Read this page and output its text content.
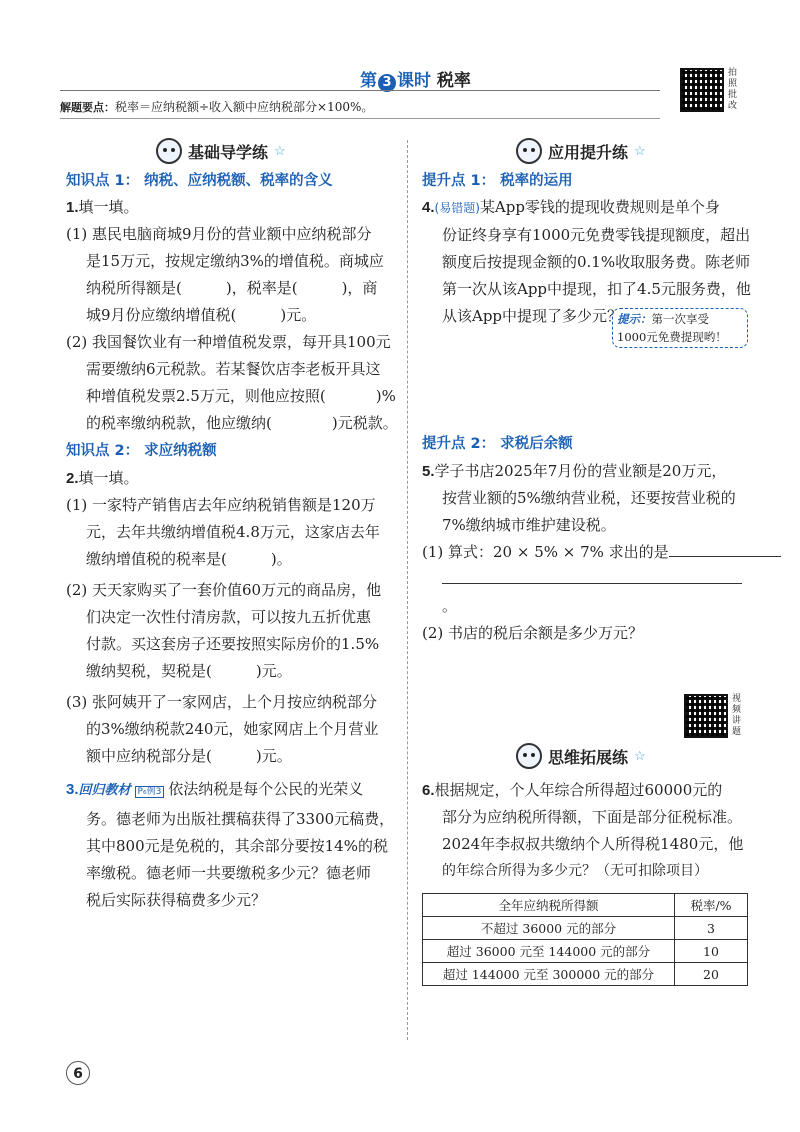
第 3 课时 税率
解题要点：税率＝应纳税额÷收入额中应纳税部分×100%。
拍照批改
基础导学练 ☆
知识点 1： 纳税、应纳税额、税率的含义

1.填一填。

(1) 惠民电脑商城9月份的营业额中应纳税部分

是15万元，按规定缴纳3%的增值税。商城应

纳税所得额是(	)，税率是(	)，商

城9月份应缴纳增值税(	)元。

(2) 我国餐饮业有一种增值税发票，每开具100元

需要缴纳6元税款。若某餐饮店李老板开具这

种增值税发票2.5万元，则他应按照(	)%

的税率缴纳税款，他应缴纳(	)元税款。

知识点 2： 求应纳税额

2.填一填。

(1) 一家特产销售店去年应纳税销售额是120万

元，去年共缴纳增值税4.8万元，这家店去年

缴纳增值税的税率是(	)。

(2) 天天家购买了一套价值60万元的商品房，他

们决定一次性付清房款，可以按九五折优惠

付款。买这套房子还要按照实际房价的1.5%

缴纳契税，契税是(	)元。

(3) 张阿姨开了一家网店，上个月按应纳税部分

的3%缴纳税款240元，她家网店上个月营业

额中应纳税部分是(	)元。

3.回归教材 P₆例3 依法纳税是每个公民的光荣义

务。德老师为出版社撰稿获得了3300元稿费，

其中800元是免税的，其余部分要按14%的税

率缴税。德老师一共要缴税多少元？德老师

税后实际获得稿费多少元？

应用提升练 ☆
提升点 1： 税率的运用

4.(易错题)某App零钱的提现收费规则是单个身

份证终身享有1000元免费零钱提现额度，超出

额度后按提现金额的0.1%收取服务费。陈老师

第一次从该App中提现，扣了4.5元服务费，他

从该App中提现了多少元？

提示：第一次享受
1000元免费提现哟！
提升点 2： 求税后余额

5.学子书店2025年7月份的营业额是20万元，

按营业额的5%缴纳营业税，还要按营业税的

7%缴纳城市维护建设税。

(1) 算式：20 × 5% × 7% 求出的是

。

(2) 书店的税后余额是多少万元？

思维拓展练 ☆
视频讲题

6.根据规定，个人年综合所得超过60000元的

部分为应纳税所得额，下面是部分征税标准。

2024年李叔叔共缴纳个人所得税1480元，他

的年综合所得为多少元？（无可扣除项目）

全年应纳税所得额	税率/%
不超过 36000 元的部分	3
超过 36000 元至 144000 元的部分	10
超过 144000 元至 300000 元的部分	20
6
